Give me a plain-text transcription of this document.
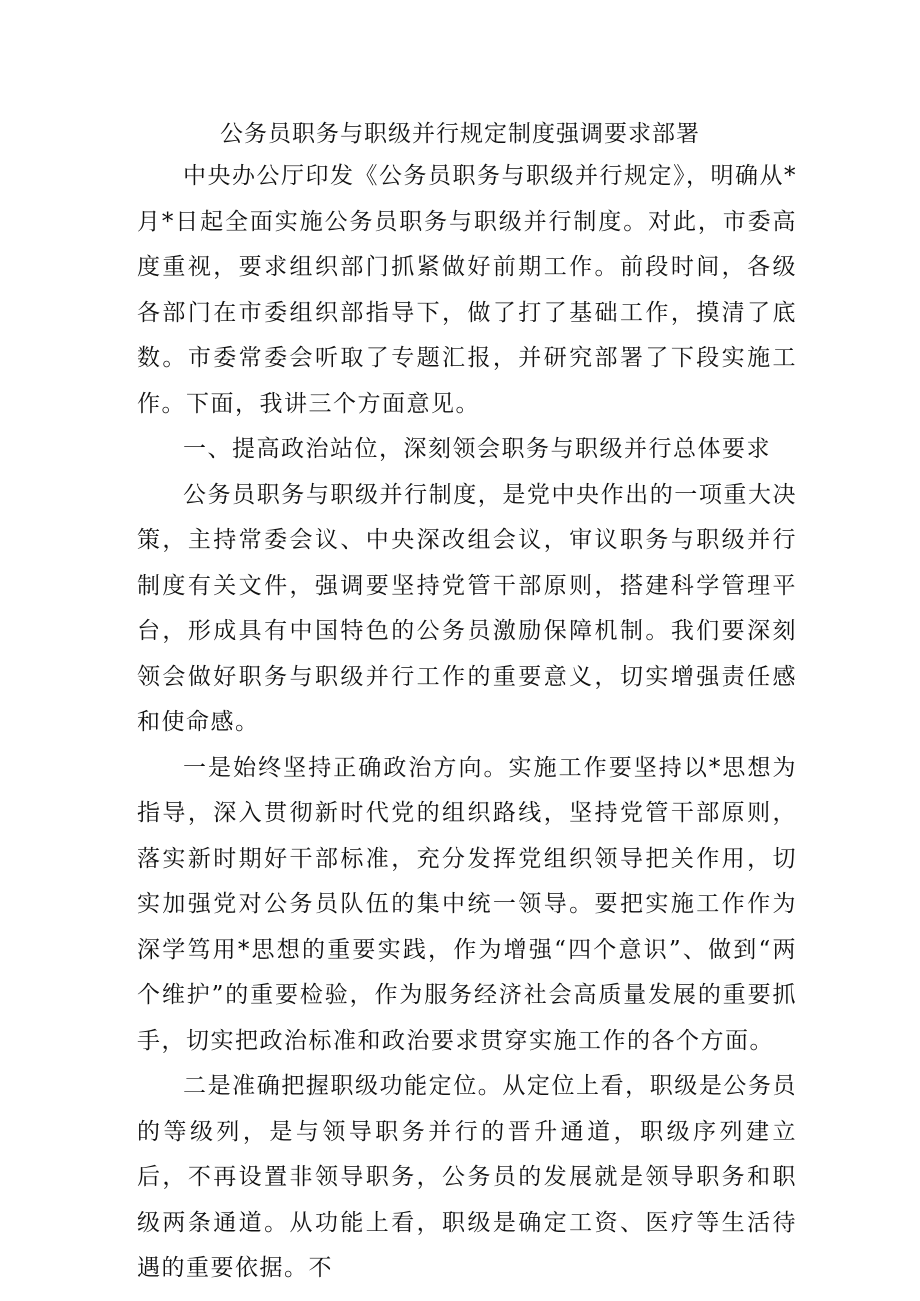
公务员职务与职级并行规定制度强调要求部署

中央办公厅印发《公务员职务与职级并行规定》，明确从*月*日起全面实施公务员职务与职级并行制度。对此，市委高度重视，要求组织部门抓紧做好前期工作。前段时间，各级各部门在市委组织部指导下，做了打了基础工作，摸清了底数。市委常委会听取了专题汇报，并研究部署了下段实施工作。下面，我讲三个方面意见。

一、提高政治站位，深刻领会职务与职级并行总体要求

公务员职务与职级并行制度，是党中央作出的一项重大决策，主持常委会议、中央深改组会议，审议职务与职级并行制度有关文件，强调要坚持党管干部原则，搭建科学管理平台，形成具有中国特色的公务员激励保障机制。我们要深刻领会做好职务与职级并行工作的重要意义，切实增强责任感和使命感。

一是始终坚持正确政治方向。实施工作要坚持以*思想为指导，深入贯彻新时代党的组织路线，坚持党管干部原则，落实新时期好干部标准，充分发挥党组织领导把关作用，切实加强党对公务员队伍的集中统一领导。要把实施工作作为深学笃用*思想的重要实践，作为增强“四个意识”、做到“两个维护”的重要检验，作为服务经济社会高质量发展的重要抓手，切实把政治标准和政治要求贯穿实施工作的各个方面。

二是准确把握职级功能定位。从定位上看，职级是公务员的等级列，是与领导职务并行的晋升通道，职级序列建立后，不再设置非领导职务，公务员的发展就是领导职务和职级两条通道。从功能上看，职级是确定工资、医疗等生活待遇的重要依据。不
